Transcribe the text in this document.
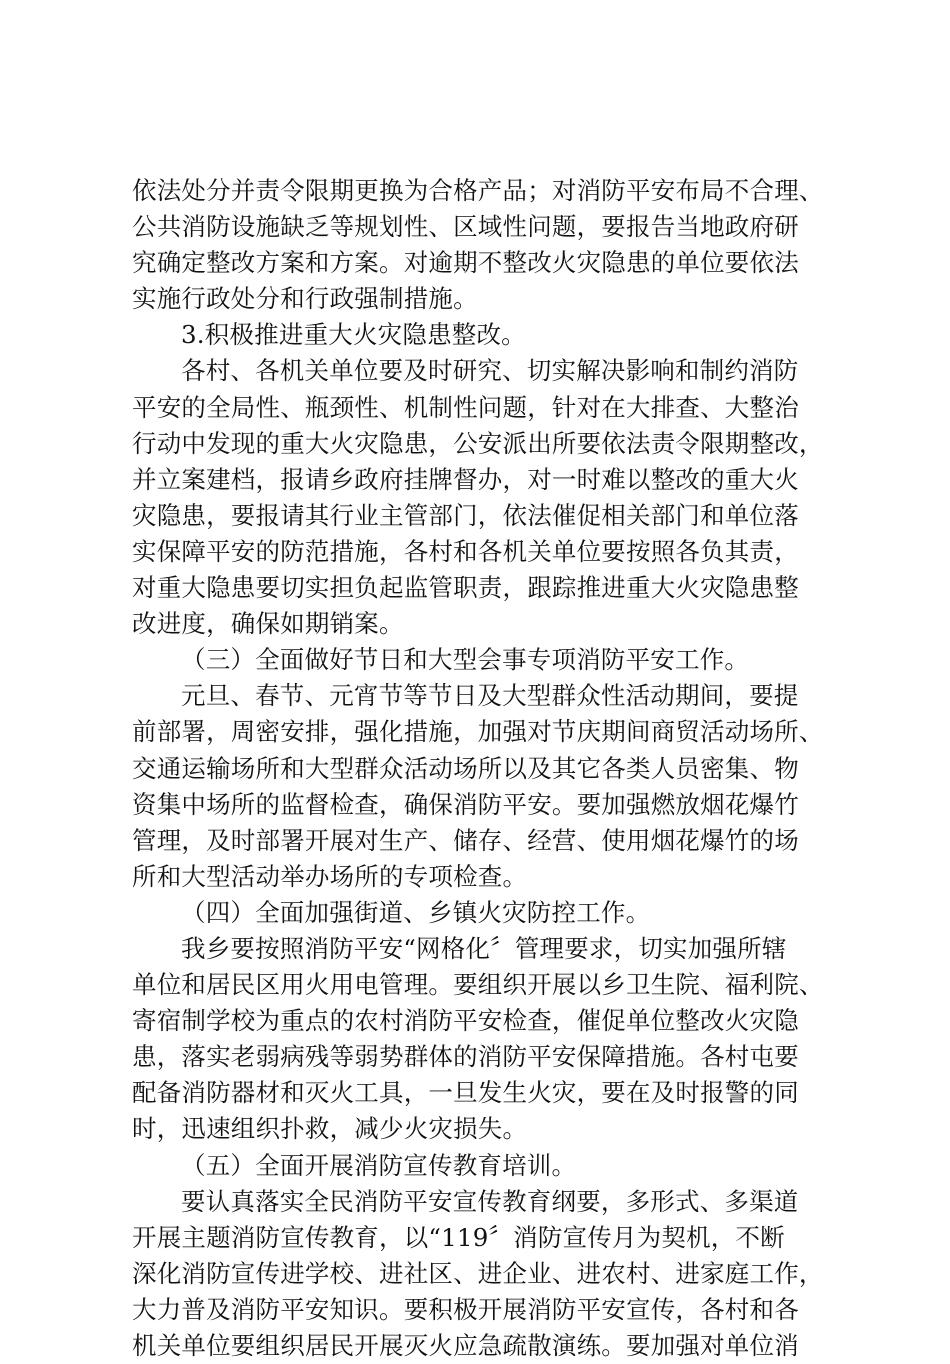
依法处分并责令限期更换为合格产品；对消防平安布局不合理、
公共消防设施缺乏等规划性、区域性问题，要报告当地政府研
究确定整改方案和方案。对逾期不整改火灾隐患的单位要依法
实施行政处分和行政强制措施。
3.积极推进重大火灾隐患整改。
各村、各机关单位要及时研究、切实解决影响和制约消防
平安的全局性、瓶颈性、机制性问题，针对在大排查、大整治
行动中发现的重大火灾隐患，公安派出所要依法责令限期整改，
并立案建档，报请乡政府挂牌督办，对一时难以整改的重大火
灾隐患，要报请其行业主管部门，依法催促相关部门和单位落
实保障平安的防范措施，各村和各机关单位要按照各负其责，
对重大隐患要切实担负起监管职责，跟踪推进重大火灾隐患整
改进度，确保如期销案。
（三）全面做好节日和大型会事专项消防平安工作。
元旦、春节、元宵节等节日及大型群众性活动期间，要提
前部署，周密安排，强化措施，加强对节庆期间商贸活动场所、
交通运输场所和大型群众活动场所以及其它各类人员密集、物
资集中场所的监督检查，确保消防平安。要加强燃放烟花爆竹
管理，及时部署开展对生产、储存、经营、使用烟花爆竹的场
所和大型活动举办场所的专项检查。
（四）全面加强街道、乡镇火灾防控工作。
我乡要按照消防平安“网格化〞管理要求，切实加强所辖
单位和居民区用火用电管理。要组织开展以乡卫生院、福利院、
寄宿制学校为重点的农村消防平安检查，催促单位整改火灾隐
患，落实老弱病残等弱势群体的消防平安保障措施。各村屯要
配备消防器材和灭火工具，一旦发生火灾，要在及时报警的同
时，迅速组织扑救，减少火灾损失。
（五）全面开展消防宣传教育培训。
要认真落实全民消防平安宣传教育纲要，多形式、多渠道
开展主题消防宣传教育，以“119〞消防宣传月为契机，不断
深化消防宣传进学校、进社区、进企业、进农村、进家庭工作，
大力普及消防平安知识。要积极开展消防平安宣传，各村和各
机关单位要组织居民开展灭火应急疏散演练。要加强对单位消
